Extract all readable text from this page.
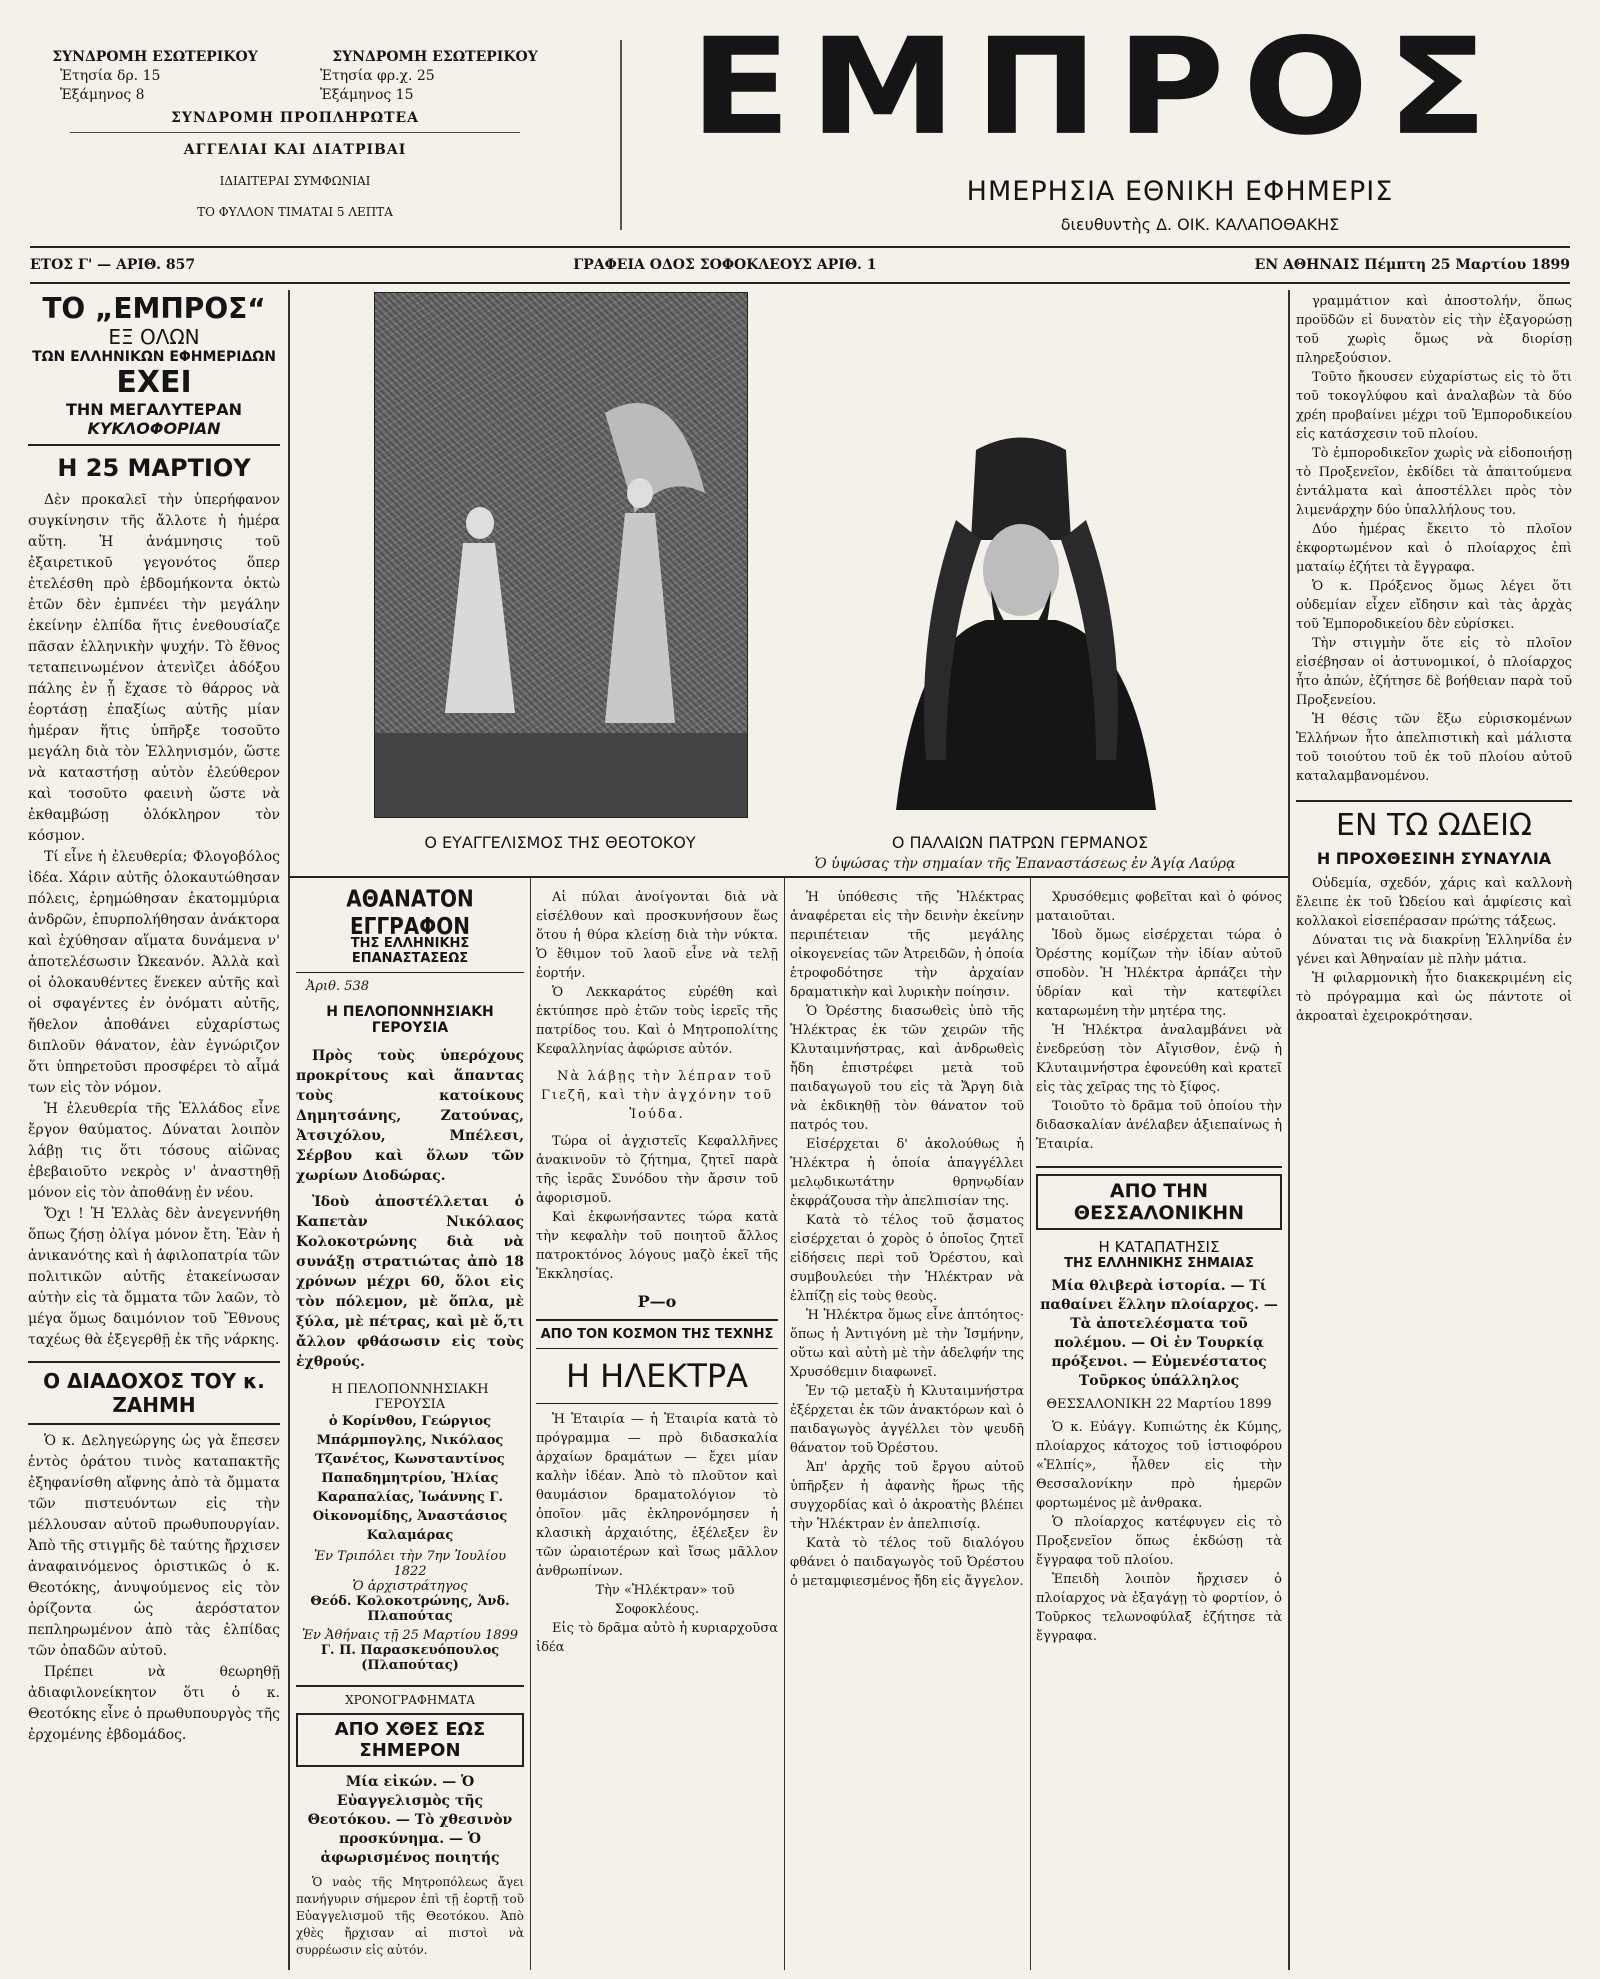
ΣΥΝΔΡΟΜΗ ΕΣΩΤΕΡΙΚΟΥ	ΣΥΝΔΡΟΜΗ ΕΣΩΤΕΡΙΚΟΥ
Ἐτησία δρ. 15	Ἐτησία φρ.χ. 25
Ἑξάμηνος 8	Ἑξάμηνος 15
ΣΥΝΔΡΟΜΗ ΠΡΟΠΛΗΡΩΤΕΑ
ΑΓΓΕΛΙΑΙ ΚΑΙ ΔΙΑΤΡΙΒΑΙ
ΙΔΙΑΙΤΕΡΑΙ ΣΥΜΦΩΝΙΑΙ
ΤΟ ΦΥΛΛΟΝ ΤΙΜΑΤΑΙ 5 ΛΕΠΤΑ
ΕΜΠΡΟΣ
ΗΜΕΡΗΣΙΑ ΕΘΝΙΚΗ ΕΦΗΜΕΡΙΣ
διευθυντὴς Δ. ΟΙΚ. ΚΑΛΑΠΟΘΑΚΗΣ
ΕΤΟΣ Γ' — ΑΡΙΘ. 857	ΓΡΑΦΕΙΑ ΟΔΟΣ ΣΟΦΟΚΛΕΟΥΣ ΑΡΙΘ. 1	ΕΝ ΑΘΗΝΑΙΣ Πέμπτη 25 Μαρτίου 1899
ΤΟ „ΕΜΠΡΟΣ“
ΕΞ ΟΛΩΝ
ΤΩΝ ΕΛΛΗΝΙΚΩΝ ΕΦΗΜΕΡΙΔΩΝ
ΕΧΕΙ
ΤΗΝ ΜΕΓΑΛΥΤΕΡΑΝ
ΚΥΚΛΟΦΟΡΙΑΝ
Η 25 ΜΑΡΤΙΟΥ

Δὲν προκαλεῖ τὴν ὑπερήφανον συγκίνησιν τῆς ἄλλοτε ἡ ἡμέρα αὕτη. Ἡ ἀνάμνησις τοῦ ἐξαιρετικοῦ γεγονότος ὅπερ ἐτελέσθη πρὸ ἑβδομήκοντα ὀκτὼ ἐτῶν δὲν ἐμπνέει τὴν μεγάλην ἐκείνην ἐλπίδα ἥτις ἐνεθουσίαζε πᾶσαν ἑλληνικὴν ψυχήν. Τὸ ἔθνος τεταπεινωμένον ἀτενὶζει ἀδόξου πάλης ἐν ᾗ ἔχασε τὸ θάρρος νὰ ἑορτάσῃ ἐπαξίως αὐτῆς μίαν ἡμέραν ἥτις ὑπῆρξε τοσοῦτο μεγάλη διὰ τὸν Ἑλληνισμόν, ὥστε νὰ καταστήσῃ αὐτὸν ἐλεύθερον καὶ τοσοῦτο φαεινὴ ὥστε νὰ ἐκθαμβώσῃ ὁλόκληρον τὸν κόσμον.

Τί εἶνε ἡ ἐλευθερία; Φλογοβόλος ἰδέα. Χάριν αὐτῆς ὁλοκαυτώθησαν πόλεις, ἐρημώθησαν ἑκατομμύρια ἀνδρῶν, ἐπυρπολήθησαν ἀνάκτορα καὶ ἐχύθησαν αἵματα δυνάμενα ν' ἀποτελέσωσιν Ὠκεανόν. Ἀλλὰ καὶ οἱ ὁλοκαυθέντες ἕνεκεν αὐτῆς καὶ οἱ σφαγέντες ἐν ὀνόματι αὐτῆς, ἤθελον ἀποθάνει εὐχαρίστως διπλοῦν θάνατον, ἐὰν ἐγνώριζον ὅτι ὑπηρετοῦσι προσφέρει τὸ αἷμά των εἰς τὸν νόμον.

Ἡ ἐλευθερία τῆς Ἑλλάδος εἶνε ἔργον θαύματος. Δύναται λοιπὸν λάβῃ τις ὅτι τόσους αἰῶνας ἐβεβαιοῦτο νεκρὸς ν' ἀναστηθῇ μόνον εἰς τὸν ἀποθάνῃ ἐν νέου.

Ὄχι ! Ἡ Ἑλλὰς δὲν ἀνεγεννήθη ὅπως ζήσῃ ὀλίγα μόνον ἔτη. Ἐὰν ἡ ἀνικανότης καὶ ἡ ἀφιλοπατρία τῶν πολιτικῶν αὐτῆς ἐτακείνωσαν αὐτὴν εἰς τὰ ὄμματα τῶν λαῶν, τὸ μέγα ὅμως δαιμόνιον τοῦ Ἔθνους ταχέως θὰ ἐξεγερθῇ ἐκ τῆς νάρκης.

Ο ΔΙΑΔΟΧΟΣ ΤΟΥ κ. ΖΑΗΜΗ

Ὁ κ. Δεληγεώργης ὡς γὰ ἔπεσεν ἐντὸς ὁράτου τινὸς καταπακτῆς ἐξηφανίσθη αἴφνης ἀπὸ τὰ ὄμματα τῶν πιστευόντων εἰς τὴν μέλλουσαν αὐτοῦ πρωθυπουργίαν. Ἀπὸ τῆς στιγμῆς δὲ ταύτης ἤρχισεν ἀναφαινόμενος ὁριστικῶς ὁ κ. Θεοτόκης, ἀνυψούμενος εἰς τὸν ὁρίζοντα ὡς ἀερόστατον πεπληρωμένον ἀπὸ τὰς ἐλπίδας τῶν ὀπαδῶν αὐτοῦ.

Πρέπει νὰ θεωρηθῇ ἀδιαφιλονείκητον ὅτι ὁ κ. Θεοτόκης εἶνε ὁ πρωθυπουργὸς τῆς ἐρχομένης ἑβδομάδος.

Ο ΕΥΑΓΓΕΛΙΣΜΟΣ ΤΗΣ ΘΕΟΤΟΚΟΥ	Ο ΠΑΛΑΙΩΝ ΠΑΤΡΩΝ ΓΕΡΜΑΝΟΣ
Ὁ ὑψώσας τὴν σημαίαν τῆς Ἐπαναστάσεως ἐν Ἁγίᾳ Λαύρᾳ
ΑΘΑΝΑΤΟΝ ΕΓΓΡΑΦΟΝ
ΤΗΣ ΕΛΛΗΝΙΚΗΣ ΕΠΑΝΑΣΤΑΣΕΩΣ
Ἀριθ. 538
Η ΠΕΛΟΠΟΝΝΗΣΙΑΚΗ ΓΕΡΟΥΣΙΑ

Πρὸς τοὺς ὑπερόχους προκρίτους καὶ ἅπαντας τοὺς κατοίκους Δημητσάνης, Ζατούνας, Ἀτσιχόλου, Μπέλεσι, Σέρβου καὶ ὅλων τῶν χωρίων Διοδώρας.

Ἰδοὺ ἀποστέλλεται ὁ Καπετὰν Νικόλαος Κολοκοτρώνης διὰ νὰ συνάξῃ στρατιώτας ἀπὸ 18 χρόνων μέχρι 60, ὅλοι εἰς τὸν πόλεμον, μὲ ὅπλα, μὲ ξύλα, μὲ πέτρας, καὶ μὲ ὅ,τι ἄλλον φθάσωσιν εἰς τοὺς ἐχθρούς.

Η ΠΕΛΟΠΟΝΝΗΣΙΑΚΗ ΓΕΡΟΥΣΙΑ
ὁ Κορίνθου, Γεώργιος Μπάρμπογλης, Νικόλαος Τζανέτος, Κωνσταντίνος Παπαδημητρίου, Ἠλίας Καραπαλίας, Ἰωάννης Γ. Οἰκονομίδης, Ἀναστάσιος Καλαμάρας
Ἐν Τριπόλει τὴν 7ην Ἰουλίου 1822
Ὁ ἀρχιστράτηγος
Θεόδ. Κολοκοτρώνης, Ἀνδ. Πλαπούτας
Ἐν Ἀθήναις τῇ 25 Μαρτίου 1899
Γ. Π. Παρασκευόπουλος (Πλαπούτας)
ΧΡΟΝΟΓΡΑΦΗΜΑΤΑ
ΑΠΟ ΧΘΕΣ ΕΩΣ ΣΗΜΕΡΟΝ
Μία εἰκών. — Ὁ Εὐαγγελισμὸς τῆς Θεοτόκου. — Τὸ χθεσινὸν προσκύνημα. — Ὁ ἀφωρισμένος ποιητής

Ὁ ναὸς τῆς Μητροπόλεως ἄγει πανήγυριν σήμερον ἐπὶ τῇ ἑορτῇ τοῦ Εὐαγγελισμοῦ τῆς Θεοτόκου. Ἀπὸ χθὲς ἤρχισαν αἱ πιστοὶ νὰ συρρέωσιν εἰς αὐτόν.

Αἱ πύλαι ἀνοίγονται διὰ νὰ εἰσέλθουν καὶ προσκυνήσουν ἕως ὅτου ἡ θύρα κλείσῃ διὰ τὴν νύκτα. Ὁ ἔθιμον τοῦ λαοῦ εἶνε νὰ τελῇ ἑορτήν.

Ὁ Λεκκαράτος εὑρέθη καὶ ἐκτύπησε πρὸ ἐτῶν τοὺς ἱερεῖς τῆς πατρίδος του. Καὶ ὁ Μητροπολίτης Κεφαλληνίας ἀφώρισε αὐτόν.

Νὰ λάβῃς τὴν λέπραν τοῦ Γιεζῆ, καὶ τὴν ἀγχόνην τοῦ Ἰούδα.

Τώρα οἱ ἀγχιστεῖς Κεφαλλῆνες ἀνακινοῦν τὸ ζήτημα, ζητεῖ παρὰ τῆς ἱερᾶς Συνόδου τὴν ἄρσιν τοῦ ἀφορισμοῦ.

Καὶ ἐκφωνήσαντες τώρα κατὰ τὴν κεφαλὴν τοῦ ποιητοῦ ἄλλος πατροκτόνος λόγους μαζὸ ἐκεῖ τῆς Ἐκκλησίας.

Ρ—ο
ΑΠΟ ΤΟΝ ΚΟΣΜΟΝ ΤΗΣ ΤΕΧΝΗΣ
Η ΗΛΕΚΤΡΑ

Ἡ Ἑταιρία — ἡ Ἑταιρία κατὰ τὸ πρόγραμμα — πρὸ διδασκαλία ἀρχαίων δραμάτων — ἔχει μίαν καλὴν ἰδέαν. Ἀπὸ τὸ πλοῦτον καὶ θαυμάσιον δραματολόγιον τὸ ὁποῖον μᾶς ἐκληρονόμησεν ἡ κλασικὴ ἀρχαιότης, ἐξέλεξεν ἓν τῶν ὡραιοτέρων καὶ ἴσως μᾶλλον ἀνθρωπίνων.

Τὴν «Ἠλέκτραν» τοῦ Σοφοκλέους.

Εἰς τὸ δρᾶμα αὐτὸ ἡ κυριαρχοῦσα ἰδέα

Ἡ ὑπόθεσις τῆς Ἠλέκτρας ἀναφέρεται εἰς τὴν δεινὴν ἐκείνην περιπέτειαν τῆς μεγάλης οἰκογενείας τῶν Ἀτρειδῶν, ἡ ὁποία ἐτροφοδότησε τὴν ἀρχαίαν δραματικὴν καὶ λυρικὴν ποίησιν.

Ὁ Ὀρέστης διασωθεὶς ὑπὸ τῆς Ἠλέκτρας ἐκ τῶν χειρῶν τῆς Κλυταιμνήστρας, καὶ ἀνδρωθεὶς ἤδη ἐπιστρέφει μετὰ τοῦ παιδαγωγοῦ του εἰς τὰ Ἄργη διὰ νὰ ἐκδικηθῇ τὸν θάνατον τοῦ πατρός του.

Εἰσέρχεται δ' ἀκολούθως ἡ Ἠλέκτρα ἡ ὁποία ἀπαγγέλλει μελῳδικωτάτην θρηνῳδίαν ἐκφράζουσα τὴν ἀπελπισίαν της.

Κατὰ τὸ τέλος τοῦ ᾄσματος εἰσέρχεται ὁ χορὸς ὁ ὁποῖος ζητεῖ εἰδήσεις περὶ τοῦ Ὀρέστου, καὶ συμβουλεύει τὴν Ἠλέκτραν νὰ ἐλπίζῃ εἰς τοὺς θεοὺς.

Ἡ Ἠλέκτρα ὅμως εἶνε ἀπτόητος· ὅπως ἡ Ἀντιγόνη μὲ τὴν Ἰσμήνην, οὕτω καὶ αὐτὴ μὲ τὴν ἀδελφήν της Χρυσόθεμιν διαφωνεῖ.

Ἐν τῷ μεταξὺ ἡ Κλυταιμνήστρα ἐξέρχεται ἐκ τῶν ἀνακτόρων καὶ ὁ παιδαγωγὸς ἀγγέλλει τὸν ψευδῆ θάνατον τοῦ Ὀρέστου.

Ἀπ' ἀρχῆς τοῦ ἔργου αὐτοῦ ὑπῆρξεν ἡ ἀφανὴς ἥρως τῆς συγχορδίας καὶ ὁ ἀκροατὴς βλέπει τὴν Ἠλέκτραν ἐν ἀπελπισίᾳ.

Κατὰ τὸ τέλος τοῦ διαλόγου φθάνει ὁ παιδαγωγὸς τοῦ Ὀρέστου ὁ μεταμφιεσμένος ἤδη εἰς ἄγγελον.

Χρυσόθεμις φοβεῖται καὶ ὁ φόνος ματαιοῦται.

Ἰδοὺ ὅμως εἰσέρχεται τώρα ὁ Ὀρέστης κομίζων τὴν ἰδίαν αὐτοῦ σποδὸν. Ἡ Ἠλέκτρα ἀρπάζει τὴν ὑδρίαν καὶ τὴν κατεφίλει καταρωμένη τὴν μητέρα της.

Ἡ Ἠλέκτρα ἀναλαμβάνει νὰ ἐνεδρεύσῃ τὸν Αἴγισθον, ἐνῷ ἡ Κλυταιμνήστρα ἐφονεύθη καὶ κρατεῖ εἰς τὰς χεῖρας της τὸ ξίφος.

Τοιοῦτο τὸ δρᾶμα τοῦ ὁποίου τὴν διδασκαλίαν ἀνέλαβεν ἀξιεπαίνως ἡ Ἑταιρία.

ΑΠΟ ΤΗΝ ΘΕΣΣΑΛΟΝΙΚΗΝ
Η ΚΑΤΑΠΑΤΗΣΙΣ
ΤΗΣ ΕΛΛΗΝΙΚΗΣ ΣΗΜΑΙΑΣ
Μία θλιβερὰ ἱστορία. — Τί παθαίνει ἕλλην πλοίαρχος. — Τὰ ἀποτελέσματα τοῦ πολέμου. — Οἱ ἐν Τουρκίᾳ πρόξενοι. — Εὐμενέστατος Τοῦρκος ὑπάλληλος
ΘΕΣΣΑΛΟΝΙΚΗ 22 Μαρτίου 1899

Ὁ κ. Εὐάγγ. Κυπιώτης ἐκ Κύμης, πλοίαρχος κάτοχος τοῦ ἱστιοφόρου «Ἐλπίς», ἦλθεν εἰς τὴν Θεσσαλονίκην πρὸ ἡμερῶν φορτωμένος μὲ ἀνθρακα.

Ὁ πλοίαρχος κατέφυγεν εἰς τὸ Προξενεῖον ὅπως ἐκδώσῃ τὰ ἔγγραφα τοῦ πλοίου.

Ἐπειδὴ λοιπὸν ἤρχισεν ὁ πλοίαρχος νὰ ἐξαγάγῃ τὸ φορτίον, ὁ Τοῦρκος τελωνοφύλαξ ἐζήτησε τὰ ἔγγραφα.

γραμμάτιον καὶ ἀποστολήν, ὅπως προϋδῶν εἰ δυνατὸν εἰς τὴν ἐξαγορώσῃ τοῦ χωρὶς ὅμως νὰ διορίσῃ πληρεξούσιον.

Τοῦτο ἤκουσεν εὐχαρίστως εἰς τὸ ὅτι τοῦ τοκογλύφου καὶ ἀναλαβὼν τὰ δύο χρέη προβαίνει μέχρι τοῦ Ἐμποροδικείου εἰς κατάσχεσιν τοῦ πλοίου.

Τὸ ἐμποροδικεῖον χωρὶς νὰ εἰδοποιήσῃ τὸ Προξενεῖον, ἐκδίδει τὰ ἀπαιτούμενα ἐντάλματα καὶ ἀποστέλλει πρὸς τὸν λιμενάρχην δύο ὑπαλλήλους του.

Δύο ἡμέρας ἔκειτο τὸ πλοῖον ἐκφορτωμένον καὶ ὁ πλοίαρχος ἐπὶ ματαίῳ ἐζήτει τὰ ἔγγραφα.

Ὁ κ. Πρόξενος ὅμως λέγει ὅτι οὐδεμίαν εἶχεν εἴδησιν καὶ τὰς ἀρχὰς τοῦ Ἐμποροδικείου δὲν εὑρίσκει.

Τὴν στιγμὴν ὅτε εἰς τὸ πλοῖον εἰσέβησαν οἱ ἀστυνομικοί, ὁ πλοίαρχος ἦτο ἀπών, ἐζήτησε δὲ βοήθειαν παρὰ τοῦ Προξενείου.

Ἡ θέσις τῶν ἔξω εὑρισκομένων Ἑλλήνων ἦτο ἀπελπιστικὴ καὶ μάλιστα τοῦ τοιούτου τοῦ ἐκ τοῦ πλοίου αὐτοῦ καταλαμβανομένου.

ΕΝ ΤΩ ΩΔΕΙΩ
Η ΠΡΟΧΘΕΣΙΝΗ ΣΥΝΑΥΛΙΑ

Οὐδεμία, σχεδόν, χάρις καὶ καλλονὴ ἔλειπε ἐκ τοῦ Ὠδείου καὶ ἀμφίεσις καὶ κολλακοὶ εἰσεπέρασαν πρώτης τάξεως.

Δύναται τις νὰ διακρίνῃ Ἑλληνίδα ἐν γένει καὶ Ἀθηναίαν μὲ πλὴν μάτια.

Ἡ φιλαρμονικὴ ἦτο διακεκριμένη εἰς τὸ πρόγραμμα καὶ ὡς πάντοτε οἱ ἀκροαταὶ ἐχειροκρότησαν.
